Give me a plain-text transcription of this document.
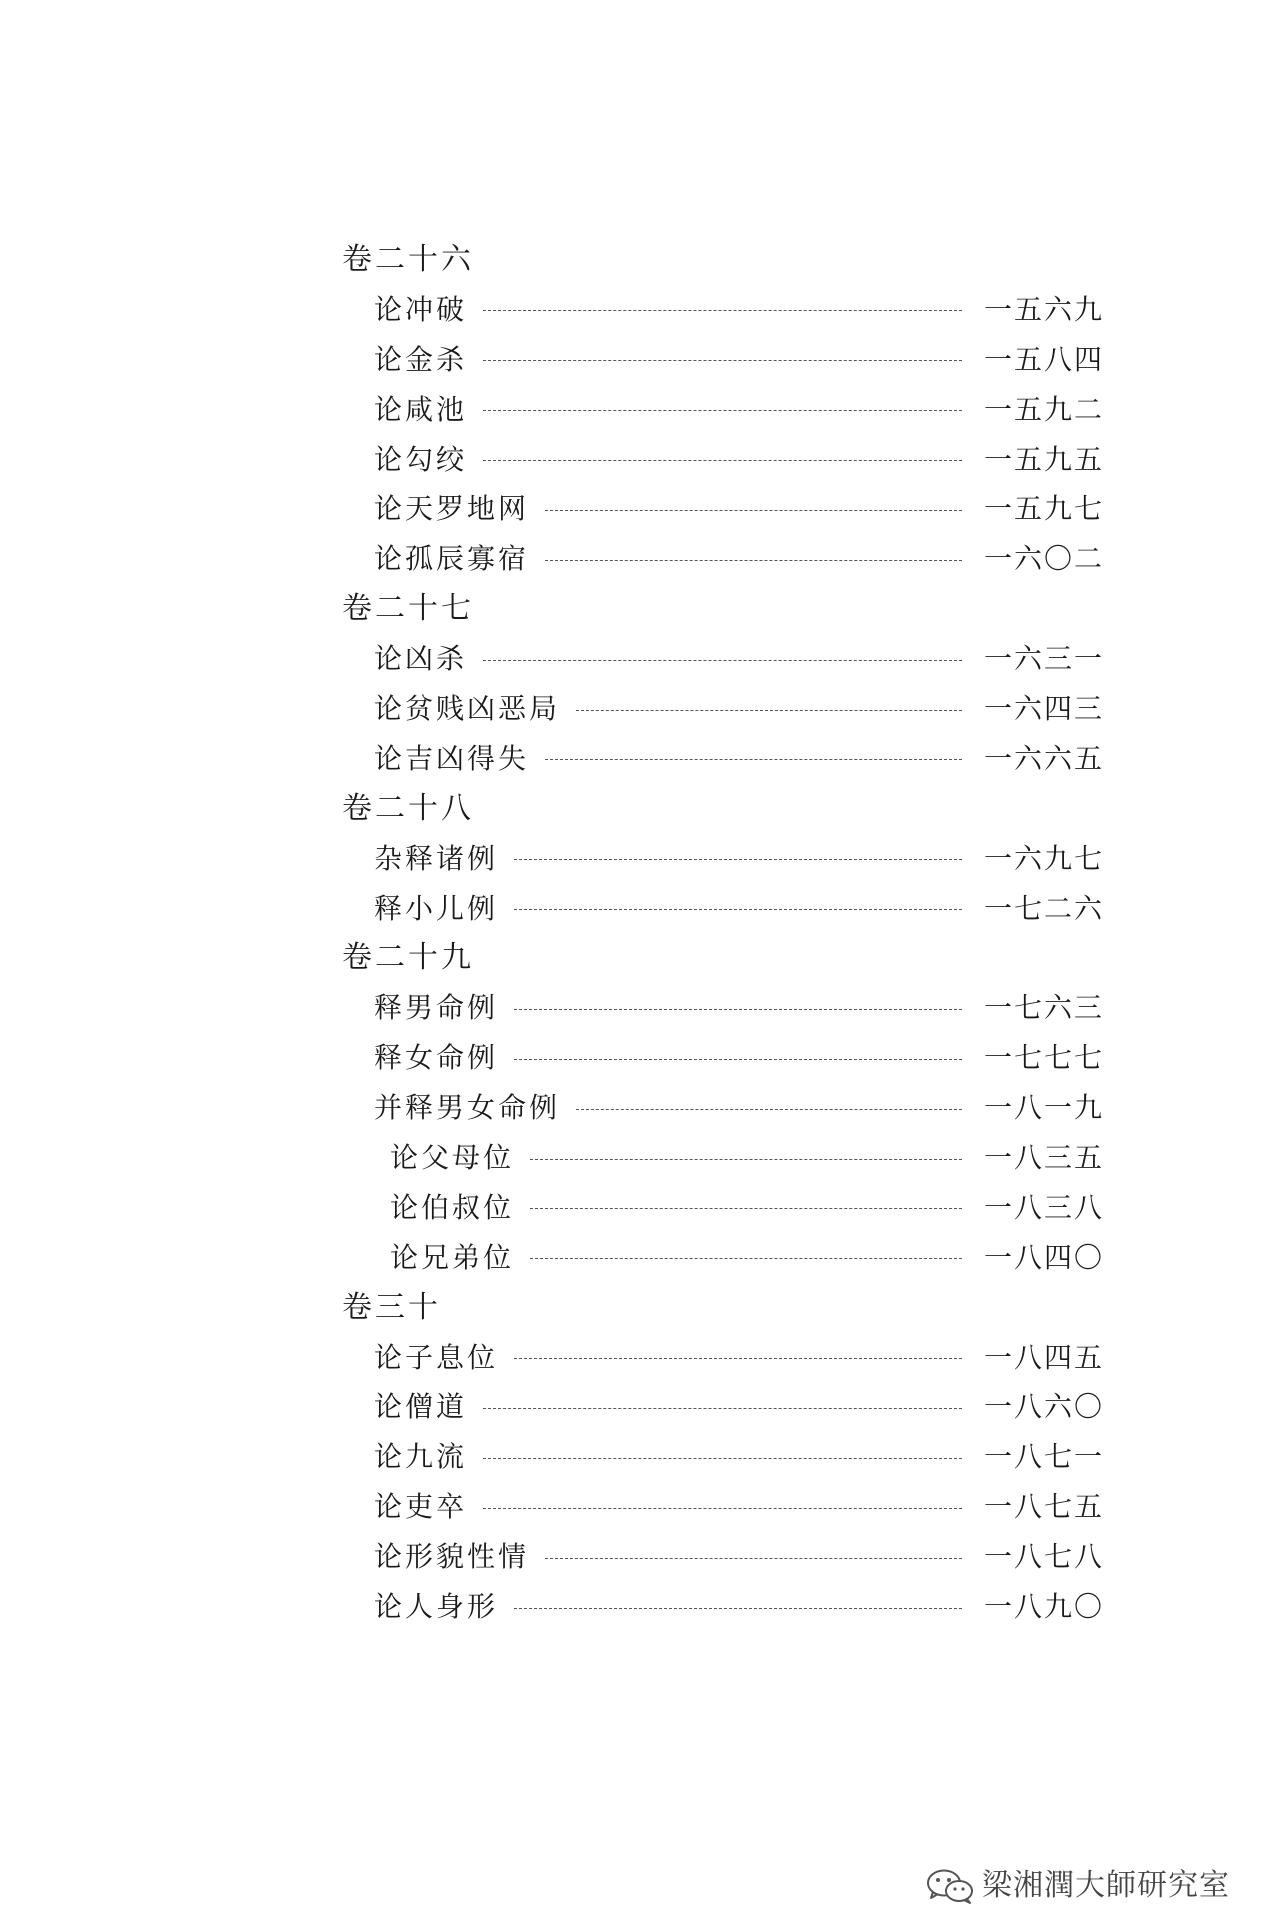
卷二十六
论冲破	一五六九
论金杀	一五八四
论咸池	一五九二
论勾绞	一五九五
论天罗地网	一五九七
论孤辰寡宿	一六〇二
卷二十七
论凶杀	一六三一
论贫贱凶恶局	一六四三
论吉凶得失	一六六五
卷二十八
杂释诸例	一六九七
释小儿例	一七二六
卷二十九
释男命例	一七六三
释女命例	一七七七
并释男女命例	一八一九
论父母位	一八三五
论伯叔位	一八三八
论兄弟位	一八四〇
卷三十
论子息位	一八四五
论僧道	一八六〇
论九流	一八七一
论吏卒	一八七五
论形貌性情	一八七八
论人身形	一八九〇
梁湘潤大師研究室
